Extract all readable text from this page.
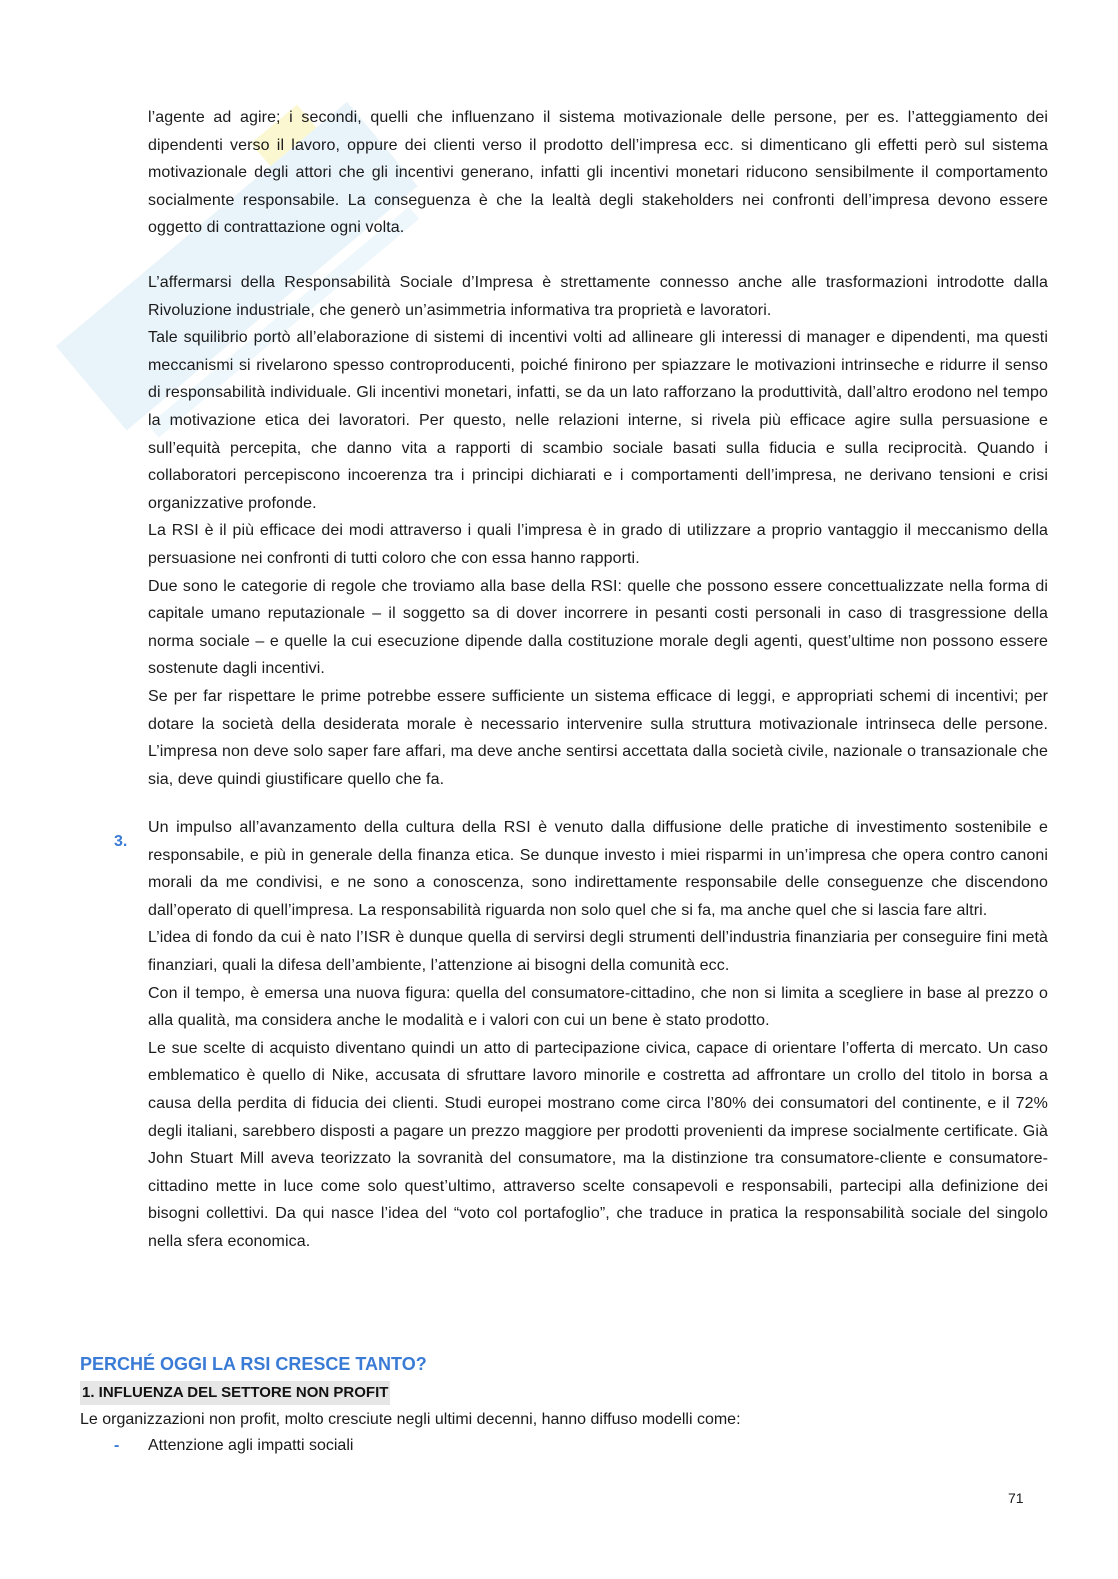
l’agente ad agire; i secondi, quelli che influenzano il sistema motivazionale delle persone, per es. l’atteggiamento dei dipendenti verso il lavoro, oppure dei clienti verso il prodotto dell’impresa ecc. si dimenticano gli effetti però sul sistema motivazionale degli attori che gli incentivi generano, infatti gli incentivi monetari riducono sensibilmente il comportamento socialmente responsabile. La conseguenza è che la lealtà degli stakeholders nei confronti dell’impresa devono essere oggetto di contrattazione ogni volta.

L’affermarsi della Responsabilità Sociale d’Impresa è strettamente connesso anche alle trasformazioni introdotte dalla Rivoluzione industriale, che generò un’asimmetria informativa tra proprietà e lavoratori.

Tale squilibrio portò all’elaborazione di sistemi di incentivi volti ad allineare gli interessi di manager e dipendenti, ma questi meccanismi si rivelarono spesso controproducenti, poiché finirono per spiazzare le motivazioni intrinseche e ridurre il senso di responsabilità individuale. Gli incentivi monetari, infatti, se da un lato rafforzano la produttività, dall’altro erodono nel tempo la motivazione etica dei lavoratori. Per questo, nelle relazioni interne, si rivela più efficace agire sulla persuasione e sull’equità percepita, che danno vita a rapporti di scambio sociale basati sulla fiducia e sulla reciprocità. Quando i collaboratori percepiscono incoerenza tra i principi dichiarati e i comportamenti dell’impresa, ne derivano tensioni e crisi organizzative profonde.

La RSI è il più efficace dei modi attraverso i quali l’impresa è in grado di utilizzare a proprio vantaggio il meccanismo della persuasione nei confronti di tutti coloro che con essa hanno rapporti.

Due sono le categorie di regole che troviamo alla base della RSI: quelle che possono essere concettualizzate nella forma di capitale umano reputazionale – il soggetto sa di dover incorrere in pesanti costi personali in caso di trasgressione della norma sociale – e quelle la cui esecuzione dipende dalla costituzione morale degli agenti, quest’ultime non possono essere sostenute dagli incentivi.

Se per far rispettare le prime potrebbe essere sufficiente un sistema efficace di leggi, e appropriati schemi di incentivi; per dotare la società della desiderata morale è necessario intervenire sulla struttura motivazionale intrinseca delle persone. L’impresa non deve solo saper fare affari, ma deve anche sentirsi accettata dalla società civile, nazionale o transazionale che sia, deve quindi giustificare quello che fa.

3.

Un impulso all’avanzamento della cultura della RSI è venuto dalla diffusione delle pratiche di investimento sostenibile e responsabile, e più in generale della finanza etica. Se dunque investo i miei risparmi in un’impresa che opera contro canoni morali da me condivisi, e ne sono a conoscenza, sono indirettamente responsabile delle conseguenze che discendono dall’operato di quell’impresa. La responsabilità riguarda non solo quel che si fa, ma anche quel che si lascia fare altri.

L’idea di fondo da cui è nato l’ISR è dunque quella di servirsi degli strumenti dell’industria finanziaria per conseguire fini metà finanziari, quali la difesa dell’ambiente, l’attenzione ai bisogni della comunità ecc.

Con il tempo, è emersa una nuova figura: quella del consumatore-cittadino, che non si limita a scegliere in base al prezzo o alla qualità, ma considera anche le modalità e i valori con cui un bene è stato prodotto.

Le sue scelte di acquisto diventano quindi un atto di partecipazione civica, capace di orientare l’offerta di mercato. Un caso emblematico è quello di Nike, accusata di sfruttare lavoro minorile e costretta ad affrontare un crollo del titolo in borsa a causa della perdita di fiducia dei clienti. Studi europei mostrano come circa l’80% dei consumatori del continente, e il 72% degli italiani, sarebbero disposti a pagare un prezzo maggiore per prodotti provenienti da imprese socialmente certificate. Già John Stuart Mill aveva teorizzato la sovranità del consumatore, ma la distinzione tra consumatore-cliente e consumatore- cittadino mette in luce come solo quest’ultimo, attraverso scelte consapevoli e responsabili, partecipi alla definizione dei bisogni collettivi. Da qui nasce l’idea del “voto col portafoglio”, che traduce in pratica la responsabilità sociale del singolo nella sfera economica.

PERCHÉ OGGI LA RSI CRESCE TANTO?
1. INFLUENZA DEL SETTORE NON PROFIT
Le organizzazioni non profit, molto cresciute negli ultimi decenni, hanno diffuso modelli come:
- Attenzione agli impatti sociali
71
